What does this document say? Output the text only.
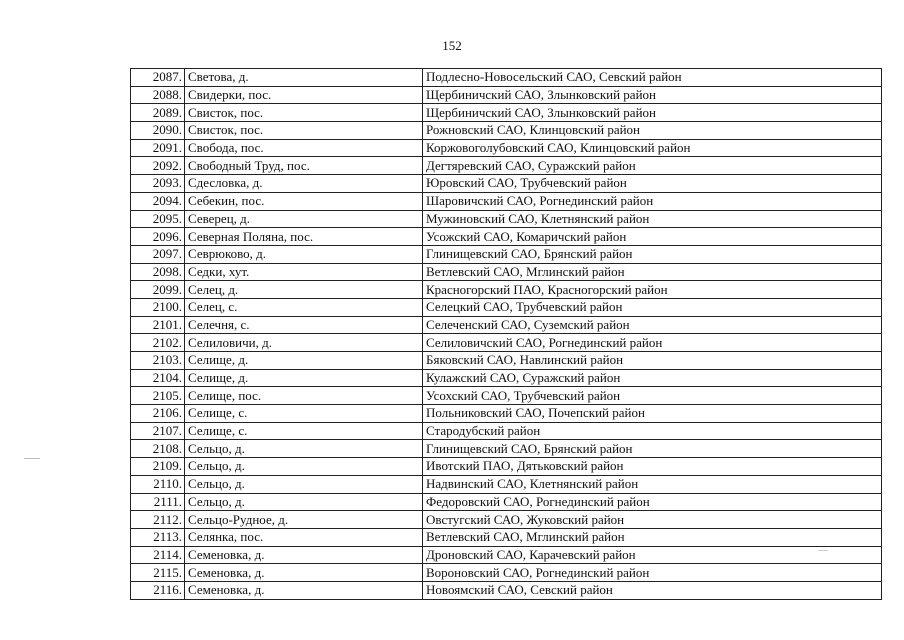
152
2087.	Светова, д.	Подлесно-Новосельский САО, Севский район
2088.	Свидерки, пос.	Щербиничский САО, Злынковский район
2089.	Свисток, пос.	Щербиничский САО, Злынковский район
2090.	Свисток, пос.	Рожновский САО, Клинцовский район
2091.	Свобода, пос.	Коржовоголубовский САО, Клинцовский район
2092.	Свободный Труд, пос.	Дегтяревский САО, Суражский район
2093.	Сдесловка, д.	Юровский САО, Трубчевский район
2094.	Себекин, пос.	Шаровичский САО, Рогнединский район
2095.	Северец, д.	Мужиновский САО, Клетнянский район
2096.	Северная Поляна, пос.	Усожский САО, Комаричский район
2097.	Севрюково, д.	Глинищевский САО, Брянский район
2098.	Седки, хут.	Ветлевский САО, Мглинский район
2099.	Селец, д.	Красногорский ПАО, Красногорский район
2100.	Селец, с.	Селецкий САО, Трубчевский район
2101.	Селечня, с.	Селеченский САО, Суземский район
2102.	Селиловичи, д.	Селиловичский САО, Рогнединский район
2103.	Селище, д.	Бяковский САО, Навлинский район
2104.	Селище, д.	Кулажский САО, Суражский район
2105.	Селище, пос.	Усохский САО, Трубчевский район
2106.	Селище, с.	Польниковский САО, Почепский район
2107.	Селище, с.	Стародубский район
2108.	Сельцо, д.	Глинищевский САО, Брянский район
2109.	Сельцо, д.	Ивотский ПАО, Дятьковский район
2110.	Сельцо, д.	Надвинский САО, Клетнянский район
2111.	Сельцо, д.	Федоровский САО, Рогнединский район
2112.	Сельцо-Рудное, д.	Овстугский САО, Жуковский район
2113.	Селянка, пос.	Ветлевский САО, Мглинский район
2114.	Семеновка, д.	Дроновский САО, Карачевский район
2115.	Семеновка, д.	Вороновский САО, Рогнединский район
2116.	Семеновка, д.	Новоямский САО, Севский район
